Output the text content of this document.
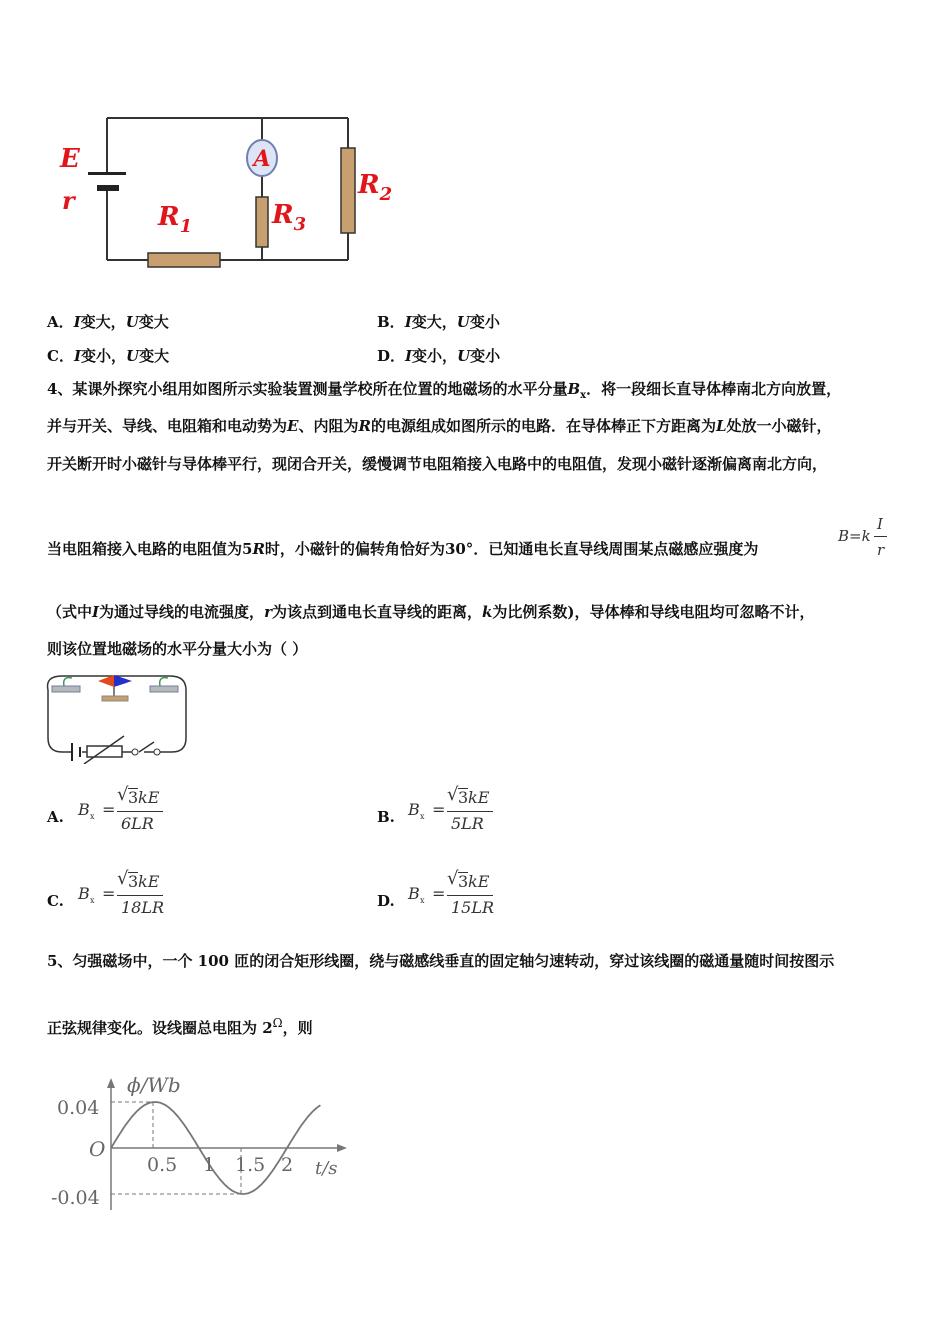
A
E
r
$R_1$	$R_3$
$R_2$
A．I变大，U变大	B．I变大，U变小
C．I变小，U变大	D．I变小，U变小
4、某课外探究小组用如图所示实验装置测量学校所在位置的地磁场的水平分量$B_x$．将一段细长直导体棒南北方向放置，
并与开关、导线、电阻箱和电动势为E、内阻为R的电源组成如图所示的电路．在导体棒正下方距离为L处放一小磁针，
开关断开时小磁针与导体棒平行，现闭合开关，缓慢调节电阻箱接入电路中的电阻值，发现小磁针逐渐偏离南北方向，
当电阻箱接入电路的电阻值为5R时，小磁针的偏转角恰好为30°．已知通电长直导线周围某点磁感应强度为
B=k
I
r
（式中I为通过导线的电流强度，r为该点到通电长直导线的距离，k为比例系数)，导体棒和导线电阻均可忽略不计，
则该位置地磁场的水平分量大小为（ ）
A. B x =
√ 3 kE
6LR	B. B x =
√ 3 kE
5LR
C. B x =
√ 3 kE
18LR	D. B x =
√ 3 kE
15LR
5、匀强磁场中，一个 100 匝的闭合矩形线圈，绕与磁感线垂直的固定轴匀速转动，穿过该线圈的磁通量随时间按图示
正弦规律变化。设线圈总电阻为 $2^\Omega$，则
ϕ/Wb
t/s
O
0.04
-0.04
0.5 1 1.5 2
